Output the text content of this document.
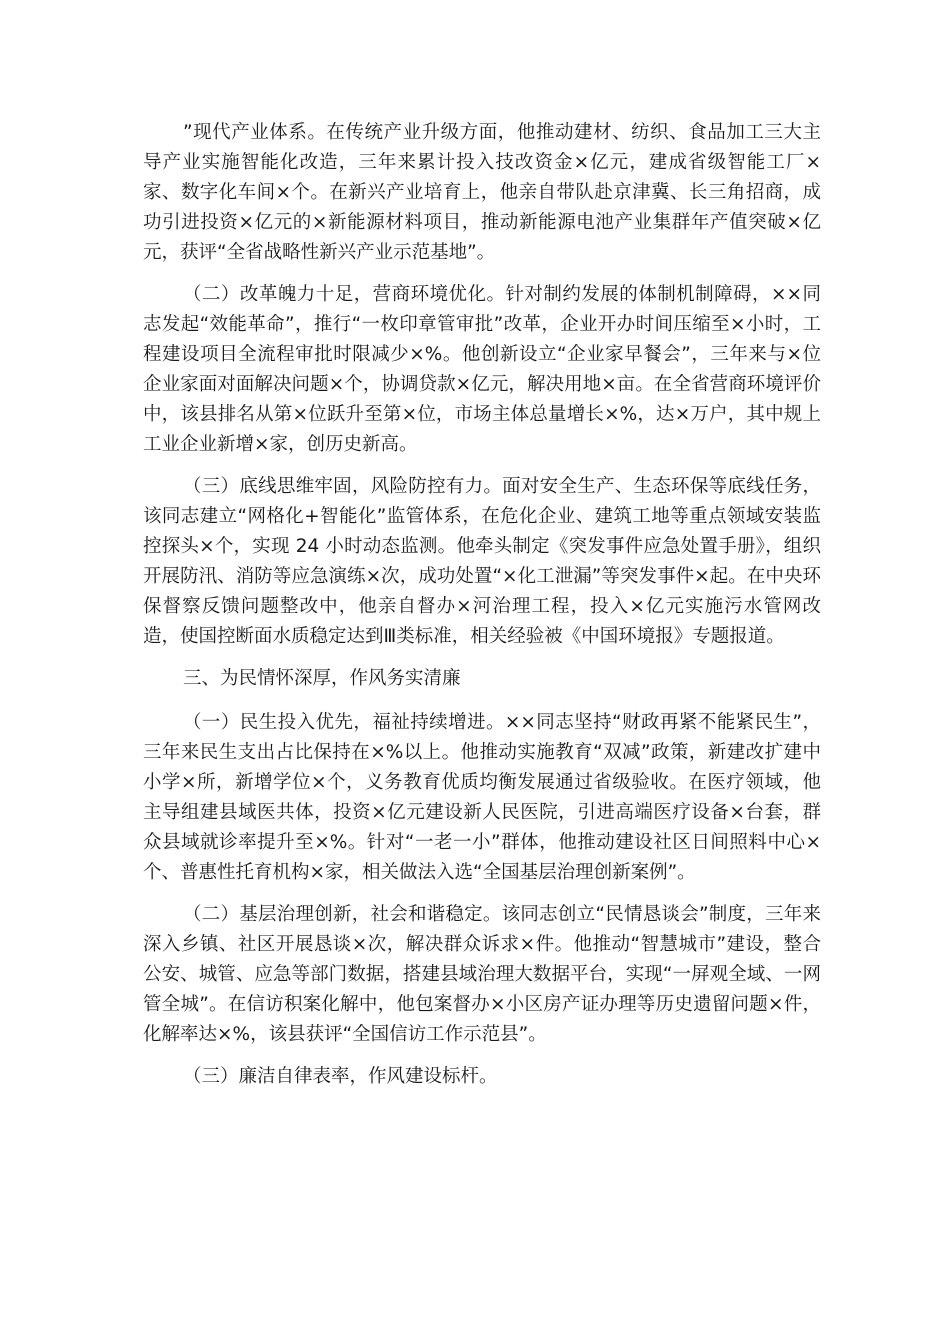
”现代产业体系。在传统产业升级方面，他推动建材、纺织、食品加工三大主导产业实施智能化改造，三年来累计投入技改资金×亿元，建成省级智能工厂×家、数字化车间×个。在新兴产业培育上，他亲自带队赴京津冀、长三角招商，成功引进投资×亿元的×新能源材料项目，推动新能源电池产业集群年产值突破×亿元，获评“全省战略性新兴产业示范基地”。

（二）改革魄力十足，营商环境优化。针对制约发展的体制机制障碍，××同志发起“效能革命”，推行“一枚印章管审批”改革，企业开办时间压缩至×小时，工程建设项目全流程审批时限减少×%。他创新设立“企业家早餐会”，三年来与×位企业家面对面解决问题×个，协调贷款×亿元，解决用地×亩。在全省营商环境评价中，该县排名从第×位跃升至第×位，市场主体总量增长×%，达×万户，其中规上工业企业新增×家，创历史新高。

（三）底线思维牢固，风险防控有力。面对安全生产、生态环保等底线任务，该同志建立“网格化+智能化”监管体系，在危化企业、建筑工地等重点领域安装监控探头×个，实现 24 小时动态监测。他牵头制定《突发事件应急处置手册》，组织开展防汛、消防等应急演练×次，成功处置“×化工泄漏”等突发事件×起。在中央环保督察反馈问题整改中，他亲自督办×河治理工程，投入×亿元实施污水管网改造，使国控断面水质稳定达到Ⅲ类标准，相关经验被《中国环境报》专题报道。

三、为民情怀深厚，作风务实清廉

（一）民生投入优先，福祉持续增进。××同志坚持“财政再紧不能紧民生”，三年来民生支出占比保持在×%以上。他推动实施教育“双减”政策，新建改扩建中小学×所，新增学位×个，义务教育优质均衡发展通过省级验收。在医疗领域，他主导组建县域医共体，投资×亿元建设新人民医院，引进高端医疗设备×台套，群众县域就诊率提升至×%。针对“一老一小”群体，他推动建设社区日间照料中心×个、普惠性托育机构×家，相关做法入选“全国基层治理创新案例”。

（二）基层治理创新，社会和谐稳定。该同志创立“民情恳谈会”制度，三年来深入乡镇、社区开展恳谈×次，解决群众诉求×件。他推动“智慧城市”建设，整合公安、城管、应急等部门数据，搭建县域治理大数据平台，实现“一屏观全域、一网管全城”。在信访积案化解中，他包案督办×小区房产证办理等历史遗留问题×件，化解率达×%，该县获评“全国信访工作示范县”。

（三）廉洁自律表率，作风建设标杆。
